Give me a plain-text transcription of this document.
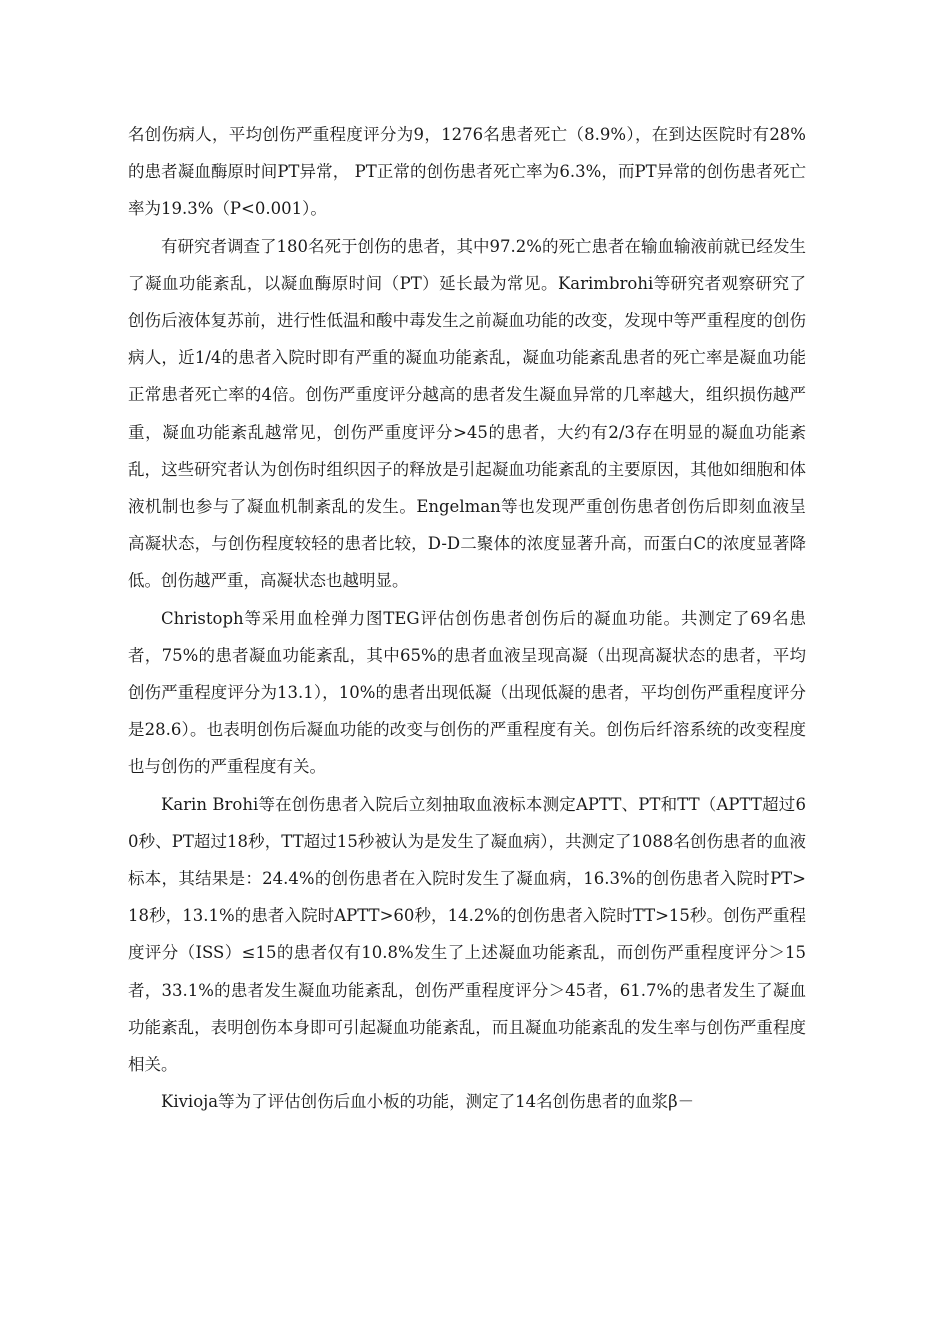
名创伤病人，平均创伤严重程度评分为9，1276名患者死亡（8.9%），在到达医院时有28%的患者凝血酶原时间PT异常， PT正常的创伤患者死亡率为6.3%，而PT异常的创伤患者死亡率为19.3%（P<0.001）。

有研究者调查了180名死于创伤的患者，其中97.2%的死亡患者在输血输液前就已经发生了凝血功能紊乱，以凝血酶原时间（PT）延长最为常见。Karimbrohi等研究者观察研究了创伤后液体复苏前，进行性低温和酸中毒发生之前凝血功能的改变，发现中等严重程度的创伤病人，近1/4的患者入院时即有严重的凝血功能紊乱，凝血功能紊乱患者的死亡率是凝血功能正常患者死亡率的4倍。创伤严重度评分越高的患者发生凝血异常的几率越大，组织损伤越严重，凝血功能紊乱越常见，创伤严重度评分>45的患者，大约有2/3存在明显的凝血功能紊乱，这些研究者认为创伤时组织因子的释放是引起凝血功能紊乱的主要原因，其他如细胞和体液机制也参与了凝血机制紊乱的发生。Engelman等也发现严重创伤患者创伤后即刻血液呈高凝状态，与创伤程度较轻的患者比较，D-D二聚体的浓度显著升高，而蛋白C的浓度显著降低。创伤越严重，高凝状态也越明显。

Christoph等采用血栓弹力图TEG评估创伤患者创伤后的凝血功能。共测定了69名患者，75%的患者凝血功能紊乱，其中65%的患者血液呈现高凝（出现高凝状态的患者，平均创伤严重程度评分为13.1），10%的患者出现低凝（出现低凝的患者，平均创伤严重程度评分是28.6）。也表明创伤后凝血功能的改变与创伤的严重程度有关。创伤后纤溶系统的改变程度也与创伤的严重程度有关。

Karin Brohi等在创伤患者入院后立刻抽取血液标本测定APTT、PT和TT（APTT超过60秒、PT超过18秒，TT超过15秒被认为是发生了凝血病），共测定了1088名创伤患者的血液标本，其结果是：24.4%的创伤患者在入院时发生了凝血病，16.3%的创伤患者入院时PT>18秒，13.1%的患者入院时APTT>60秒，14.2%的创伤患者入院时TT>15秒。创伤严重程度评分（ISS）≤15的患者仅有10.8%发生了上述凝血功能紊乱，而创伤严重程度评分＞15者，33.1%的患者发生凝血功能紊乱，创伤严重程度评分＞45者，61.7%的患者发生了凝血功能紊乱，表明创伤本身即可引起凝血功能紊乱，而且凝血功能紊乱的发生率与创伤严重程度相关。

Kivioja等为了评估创伤后血小板的功能，测定了14名创伤患者的血浆β－
